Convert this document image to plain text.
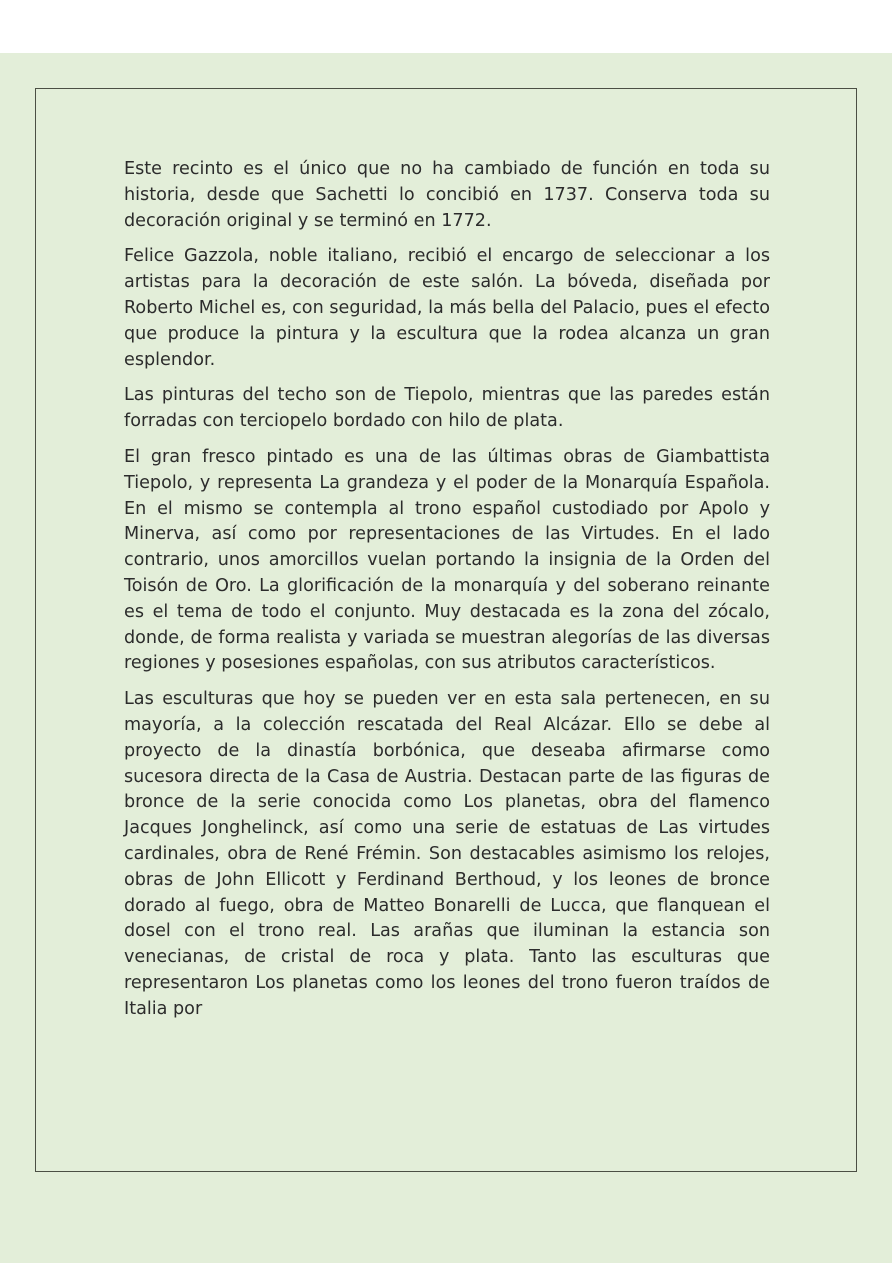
Este recinto es el único que no ha cambiado de función en toda su historia, desde que Sachetti lo concibió en 1737. Conserva toda su decoración original y se terminó en 1772.

Felice Gazzola, noble italiano, recibió el encargo de seleccionar a los artistas para la decoración de este salón. La bóveda, diseñada por Roberto Michel es, con seguridad, la más bella del Palacio, pues el efecto que produce la pintura y la escultura que la rodea alcanza un gran esplendor.

Las pinturas del techo son de Tiepolo, mientras que las paredes están forradas con terciopelo bordado con hilo de plata.

El gran fresco pintado es una de las últimas obras de Giambattista Tiepolo, y representa La grandeza y el poder de la Monarquía Española. En el mismo se contempla al trono español custodiado por Apolo y Minerva, así como por representaciones de las Virtudes. En el lado contrario, unos amorcillos vuelan portando la insignia de la Orden del Toisón de Oro. La glorificación de la monarquía y del soberano reinante es el tema de todo el conjunto. Muy destacada es la zona del zócalo, donde, de forma realista y variada se muestran alegorías de las diversas regiones y posesiones españolas, con sus atributos característicos.

Las esculturas que hoy se pueden ver en esta sala pertenecen, en su mayoría, a la colección rescatada del Real Alcázar. Ello se debe al proyecto de la dinastía borbónica, que deseaba afirmarse como sucesora directa de la Casa de Austria. Destacan parte de las figuras de bronce de la serie conocida como Los planetas, obra del flamenco Jacques Jonghelinck, así como una serie de estatuas de Las virtudes cardinales, obra de René Frémin. Son destacables asimismo los relojes, obras de John Ellicott y Ferdinand Berthoud, y los leones de bronce dorado al fuego, obra de Matteo Bonarelli de Lucca, que flanquean el dosel con el trono real. Las arañas que iluminan la estancia son venecianas, de cristal de roca y plata. Tanto las esculturas que representaron Los planetas como los leones del trono fueron traídos de Italia por
